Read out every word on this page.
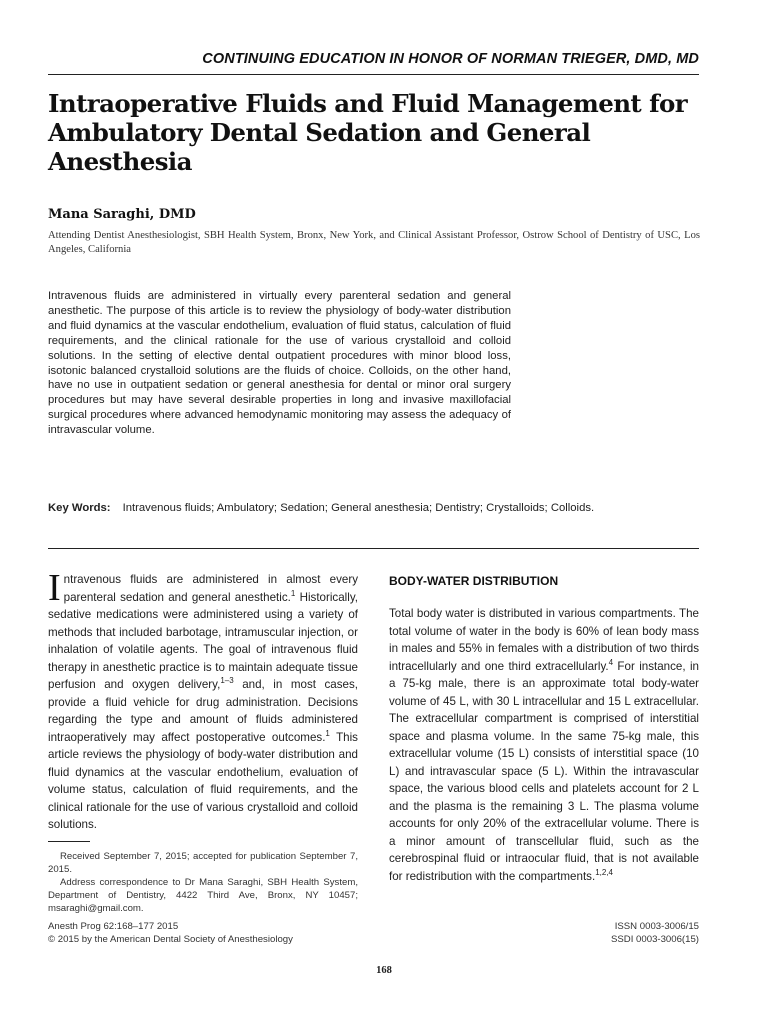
CONTINUING EDUCATION IN HONOR OF NORMAN TRIEGER, DMD, MD
Intraoperative Fluids and Fluid Management for Ambulatory Dental Sedation and General Anesthesia
Mana Saraghi, DMD
Attending Dentist Anesthesiologist, SBH Health System, Bronx, New York, and Clinical Assistant Professor, Ostrow School of Dentistry of USC, Los Angeles, California
Intravenous fluids are administered in virtually every parenteral sedation and general anesthetic. The purpose of this article is to review the physiology of body-water distribution and fluid dynamics at the vascular endothelium, evaluation of fluid status, calculation of fluid requirements, and the clinical rationale for the use of various crystalloid and colloid solutions. In the setting of elective dental outpatient procedures with minor blood loss, isotonic balanced crystalloid solutions are the fluids of choice. Colloids, on the other hand, have no use in outpatient sedation or general anesthesia for dental or minor oral surgery procedures but may have several desirable properties in long and invasive maxillofacial surgical procedures where advanced hemodynamic monitoring may assess the adequacy of intravascular volume.
Key Words: Intravenous fluids; Ambulatory; Sedation; General anesthesia; Dentistry; Crystalloids; Colloids.
Intravenous fluids are administered in almost every parenteral sedation and general anesthetic.$^1$ Historically, sedative medications were administered using a variety of methods that included barbotage, intramuscular injection, or inhalation of volatile agents. The goal of intravenous fluid therapy in anesthetic practice is to maintain adequate tissue perfusion and oxygen delivery,$^{1-3}$ and, in most cases, provide a fluid vehicle for drug administration. Decisions regarding the type and amount of fluids administered intraoperatively may affect postoperative outcomes.$^1$ This article reviews the physiology of body-water distribution and fluid dynamics at the vascular endothelium, evaluation of volume status, calculation of fluid requirements, and the clinical rationale for the use of various crystalloid and colloid solutions.
BODY-WATER DISTRIBUTION
Total body water is distributed in various compartments. The total volume of water in the body is 60% of lean body mass in males and 55% in females with a distribution of two thirds intracellularly and one third extracellularly.$^4$ For instance, in a 75-kg male, there is an approximate total body-water volume of 45 L, with 30 L intracellular and 15 L extracellular. The extracellular compartment is comprised of interstitial space and plasma volume. In the same 75-kg male, this extracellular volume (15 L) consists of interstitial space (10 L) and intravascular space (5 L). Within the intravascular space, the various blood cells and platelets account for 2 L and the plasma is the remaining 3 L. The plasma volume accounts for only 20% of the extracellular volume. There is a minor amount of transcellular fluid, such as the cerebrospinal fluid or intraocular fluid, that is not available for redistribution with the compartments.$^{1,2,4}$

Received September 7, 2015; accepted for publication September 7, 2015.

Address correspondence to Dr Mana Saraghi, SBH Health System, Department of Dentistry, 4422 Third Ave, Bronx, NY 10457; msaraghi@gmail.com.

Anesth Prog 62:168–177 2015
© 2015 by the American Dental Society of Anesthesiology
ISSN 0003-3006/15
SSDI 0003-3006(15)
168
